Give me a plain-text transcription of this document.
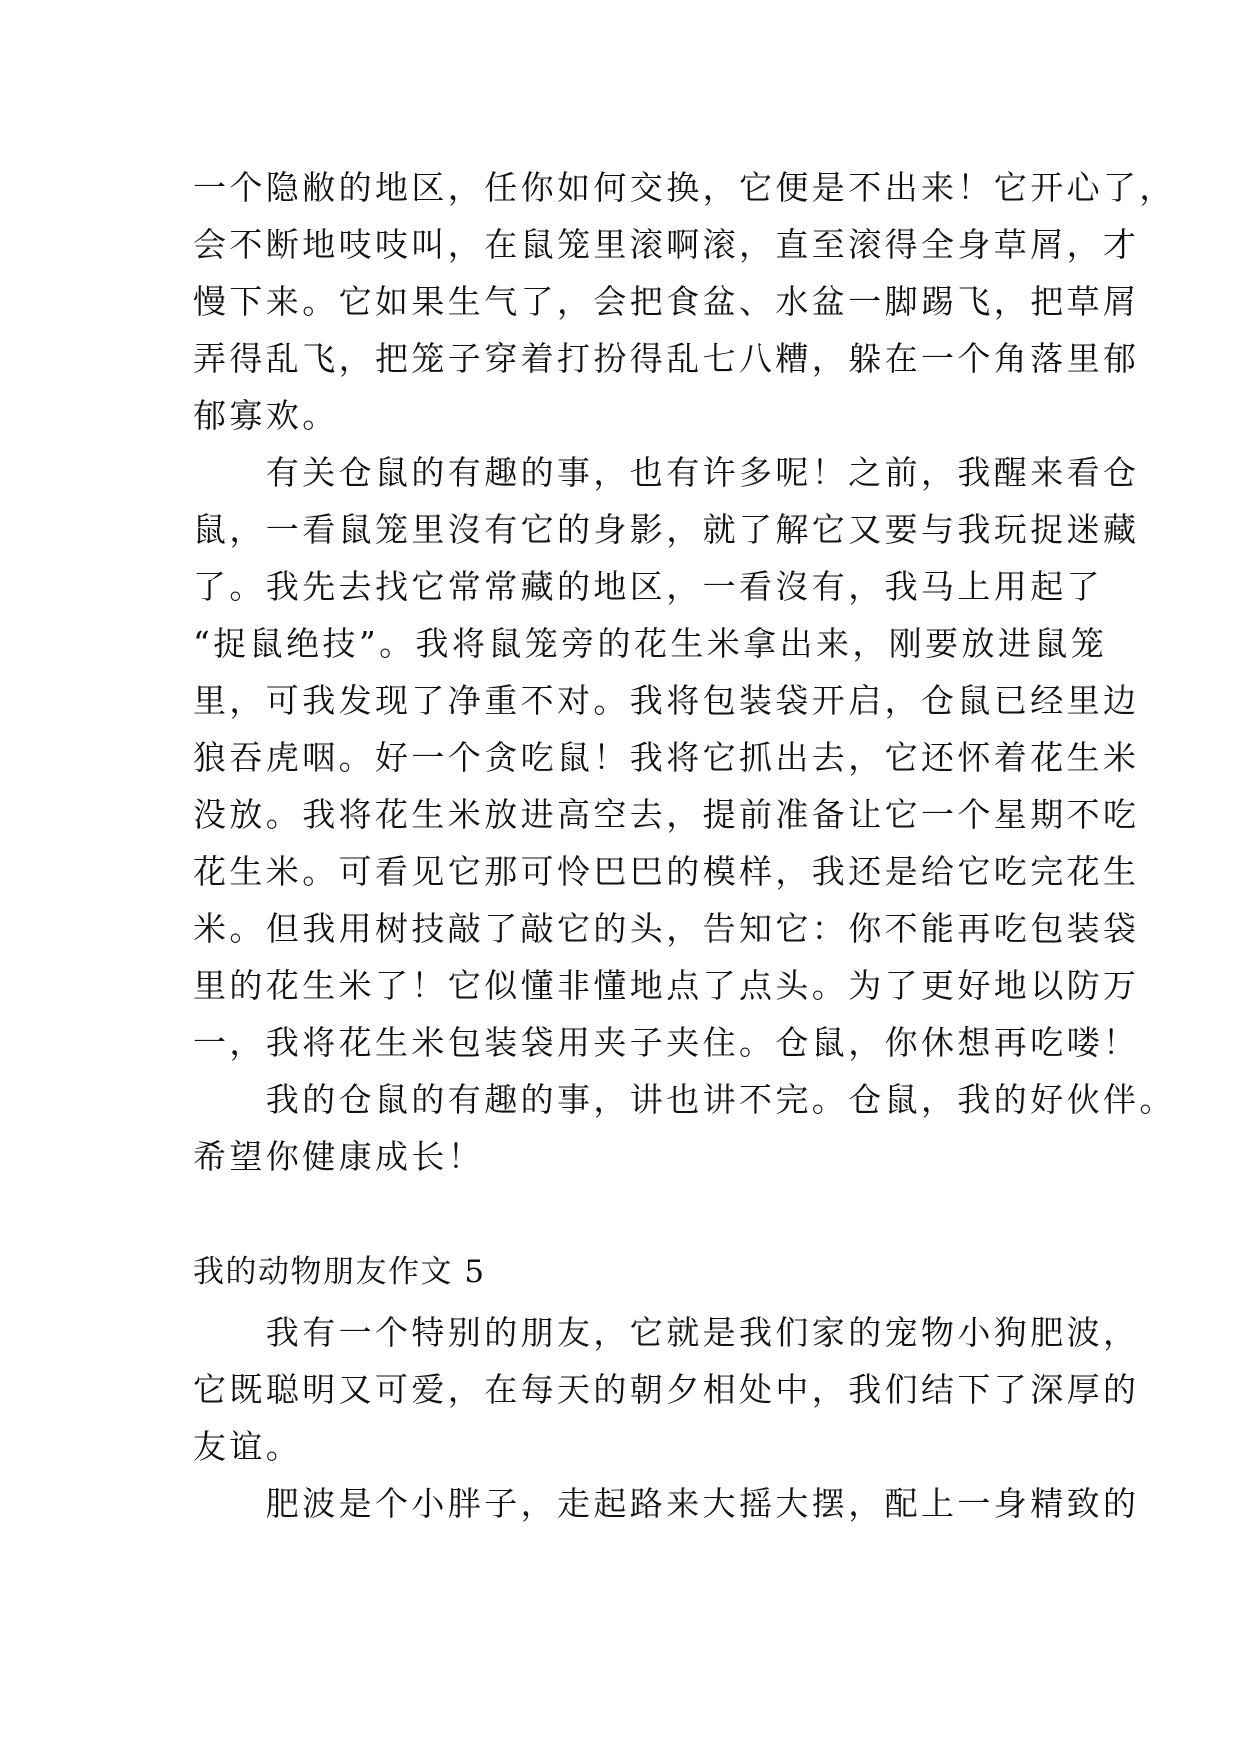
一个隐敝的地区，任你如何交换，它便是不出来！它开心了，
会不断地吱吱叫，在鼠笼里滚啊滚，直至滚得全身草屑，才
慢下来。它如果生气了，会把食盆、水盆一脚踢飞，把草屑
弄得乱飞，把笼子穿着打扮得乱七八糟，躲在一个角落里郁
郁寡欢。
　　有关仓鼠的有趣的事，也有许多呢！之前，我醒来看仓
鼠，一看鼠笼里沒有它的身影，就了解它又要与我玩捉迷藏
了。我先去找它常常藏的地区，一看沒有，我马上用起了
“捉鼠绝技”。我将鼠笼旁的花生米拿出来，刚要放进鼠笼
里，可我发现了净重不对。我将包装袋开启，仓鼠已经里边
狼吞虎咽。好一个贪吃鼠！我将它抓出去，它还怀着花生米
没放。我将花生米放进高空去，提前准备让它一个星期不吃
花生米。可看见它那可怜巴巴的模样，我还是给它吃完花生
米。但我用树技敲了敲它的头，告知它：你不能再吃包装袋
里的花生米了！它似懂非懂地点了点头。为了更好地以防万
一，我将花生米包装袋用夹子夹住。仓鼠，你休想再吃喽！
　　我的仓鼠的有趣的事，讲也讲不完。仓鼠，我的好伙伴。
希望你健康成长！
我的动物朋友作文 5
　　我有一个特别的朋友，它就是我们家的宠物小狗肥波，
它既聪明又可爱，在每天的朝夕相处中，我们结下了深厚的
友谊。
　　肥波是个小胖子，走起路来大摇大摆，配上一身精致的
